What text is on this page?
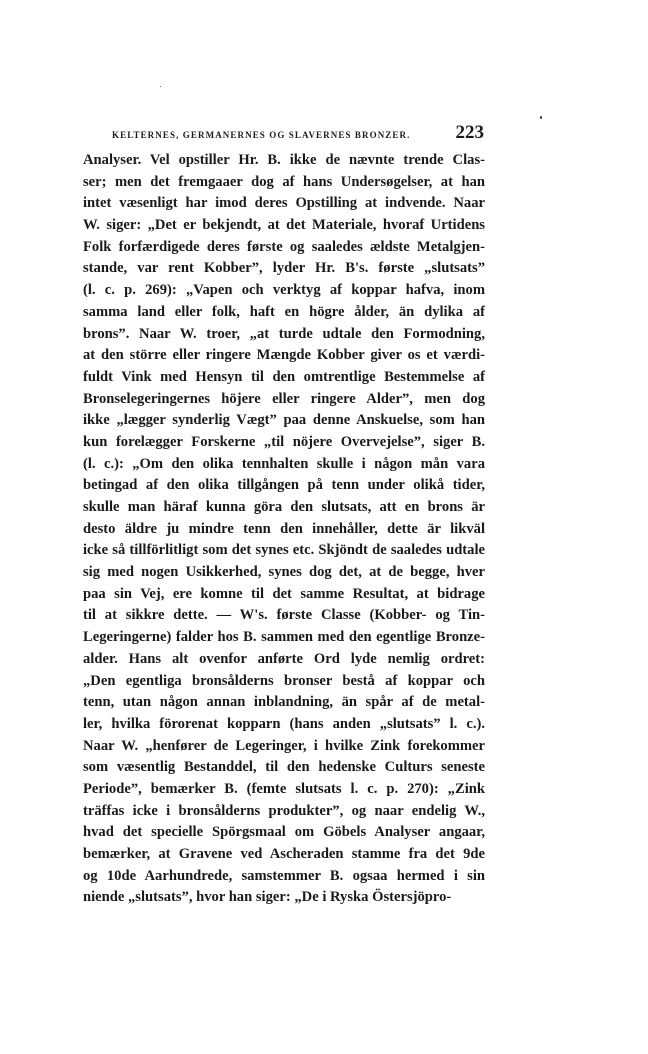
KELTERNES, GERMANERNES OG SLAVERNES BRONZER. 223
Analyser. Vel opstiller Hr. B. ikke de nævnte trende Clas-
ser; men det fremgaaer dog af hans Undersøgelser, at han
intet væsenligt har imod deres Opstilling at indvende. Naar
W. siger: „Det er bekjendt, at det Materiale, hvoraf Urtidens
Folk forfærdigede deres første og saaledes ældste Metalgjen-
stande, var rent Kobber”, lyder Hr. B's. første „slutsats”
(l. c. p. 269): „Vapen och verktyg af koppar hafva, inom
samma land eller folk, haft en högre ålder, än dylika af
brons”. Naar W. troer, „at turde udtale den Formodning,
at den större eller ringere Mængde Kobber giver os et værdi-
fuldt Vink med Hensyn til den omtrentlige Bestemmelse af
Bronselegeringernes höjere eller ringere Alder”, men dog
ikke „lægger synderlig Vægt” paa denne Anskuelse, som han
kun forelægger Forskerne „til nöjere Overvejelse”, siger B.
(l. c.): „Om den olika tennhalten skulle i någon mån vara
betingad af den olika tillgången på tenn under olikå tider,
skulle man häraf kunna göra den slutsats, att en brons är
desto äldre ju mindre tenn den innehåller, dette är likväl
icke så tillförlitligt som det synes etc. Skjöndt de saaledes udtale
sig med nogen Usikkerhed, synes dog det, at de begge, hver
paa sin Vej, ere komne til det samme Resultat, at bidrage
til at sikkre dette. — W's. første Classe (Kobber- og Tin-
Legeringerne) falder hos B. sammen med den egentlige Bronze-
alder. Hans alt ovenfor anførte Ord lyde nemlig ordret:
„Den egentliga bronsålderns bronser bestå af koppar och
tenn, utan någon annan inblandning, än spår af de metal-
ler, hvilka förorenat kopparn (hans anden „slutsats” l. c.).
Naar W. „henfører de Legeringer, i hvilke Zink forekommer
som væsentlig Bestanddel, til den hedenske Culturs seneste
Periode”, bemærker B. (femte slutsats l. c. p. 270): „Zink
träffas icke i bronsålderns produkter”, og naar endelig W.,
hvad det specielle Spörgsmaal om Göbels Analyser angaar,
bemærker, at Gravene ved Ascheraden stamme fra det 9de
og 10de Aarhundrede, samstemmer B. ogsaa hermed i sin
niende „slutsats”, hvor han siger: „De i Ryska Östersjöpro-
